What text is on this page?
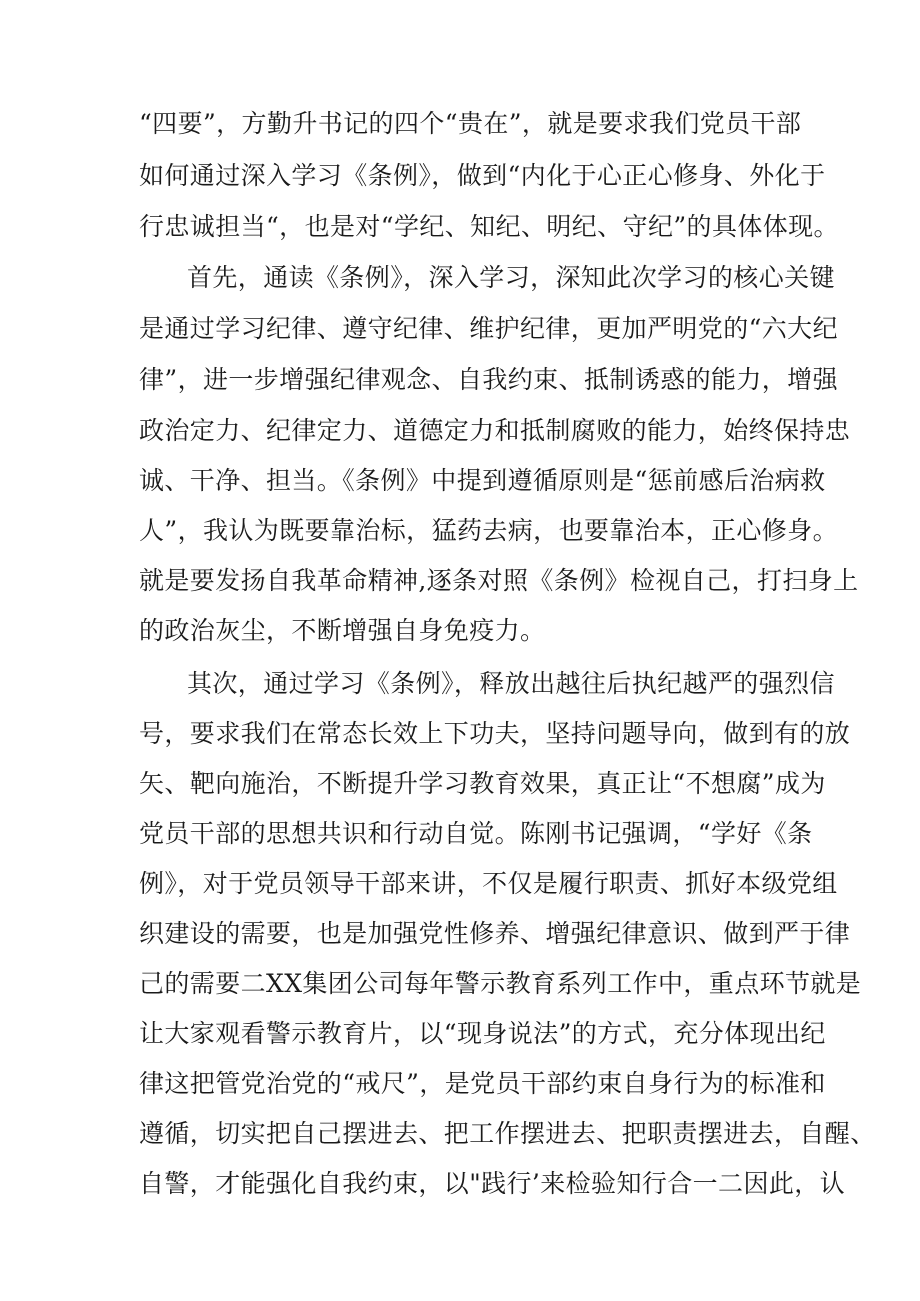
“四要”，方勤升书记的四个“贵在”，就是要求我们党员干部
如何通过深入学习《条例》，做到“内化于心正心修身、外化于
行忠诚担当“，也是对“学纪、知纪、明纪、守纪”的具体体现。
首先，通读《条例》，深入学习，深知此次学习的核心关键
是通过学习纪律、遵守纪律、维护纪律，更加严明党的“六大纪
律”，进一步增强纪律观念、自我约束、抵制诱惑的能力，增强
政治定力、纪律定力、道德定力和抵制腐败的能力，始终保持忠
诚、干净、担当。《条例》中提到遵循原则是“惩前感后治病救
人”，我认为既要靠治标，猛药去病，也要靠治本，正心修身。
就是要发扬自我革命精神,逐条对照《条例》检视自己，打扫身上
的政治灰尘，不断增强自身免疫力。
其次，通过学习《条例》，释放出越往后执纪越严的强烈信
号，要求我们在常态长效上下功夫，坚持问题导向，做到有的放
矢、靶向施治，不断提升学习教育效果，真正让“不想腐”成为
党员干部的思想共识和行动自觉。陈刚书记强调，“学好《条
例》，对于党员领导干部来讲，不仅是履行职责、抓好本级党组
织建设的需要，也是加强党性修养、增强纪律意识、做到严于律
己的需要二XX集团公司每年警示教育系列工作中，重点环节就是
让大家观看警示教育片，以“现身说法”的方式，充分体现出纪
律这把管党治党的“戒尺”，是党员干部约束自身行为的标准和
遵循，切实把自己摆进去、把工作摆进去、把职责摆进去，自醒、
自警，才能强化自我约束，以"践行’来检验知行合一二因此，认
